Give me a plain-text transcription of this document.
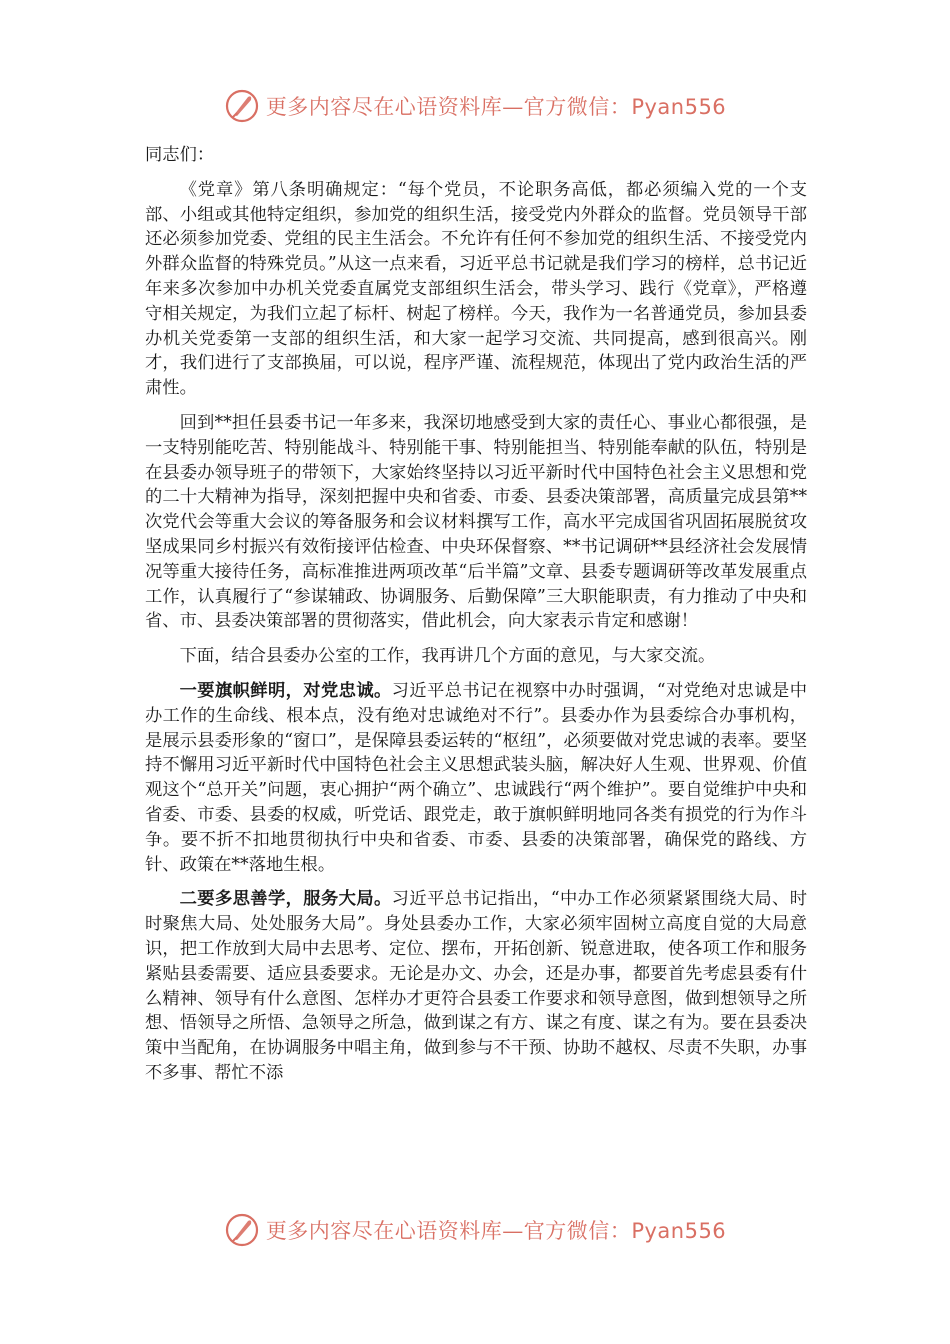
更多内容尽在心语资料库—官方微信：Pyan556

同志们：

《党章》第八条明确规定：“每个党员，不论职务高低，都必须编入党的一个支部、小组或其他特定组织，参加党的组织生活，接受党内外群众的监督。党员领导干部还必须参加党委、党组的民主生活会。不允许有任何不参加党的组织生活、不接受党内外群众监督的特殊党员。”从这一点来看，习近平总书记就是我们学习的榜样，总书记近年来多次参加中办机关党委直属党支部组织生活会，带头学习、践行《党章》，严格遵守相关规定，为我们立起了标杆、树起了榜样。今天，我作为一名普通党员，参加县委办机关党委第一支部的组织生活，和大家一起学习交流、共同提高，感到很高兴。刚才，我们进行了支部换届，可以说，程序严谨、流程规范，体现出了党内政治生活的严肃性。

回到**担任县委书记一年多来，我深切地感受到大家的责任心、事业心都很强，是一支特别能吃苦、特别能战斗、特别能干事、特别能担当、特别能奉献的队伍，特别是在县委办领导班子的带领下，大家始终坚持以习近平新时代中国特色社会主义思想和党的二十大精神为指导，深刻把握中央和省委、市委、县委决策部署，高质量完成县第**次党代会等重大会议的筹备服务和会议材料撰写工作，高水平完成国省巩固拓展脱贫攻坚成果同乡村振兴有效衔接评估检查、中央环保督察、**书记调研**县经济社会发展情况等重大接待任务，高标准推进两项改革“后半篇”文章、县委专题调研等改革发展重点工作，认真履行了“参谋辅政、协调服务、后勤保障”三大职能职责，有力推动了中央和省、市、县委决策部署的贯彻落实，借此机会，向大家表示肯定和感谢！

下面，结合县委办公室的工作，我再讲几个方面的意见，与大家交流。

一要旗帜鲜明，对党忠诚。习近平总书记在视察中办时强调，“对党绝对忠诚是中办工作的生命线、根本点，没有绝对忠诚绝对不行”。县委办作为县委综合办事机构，是展示县委形象的“窗口”，是保障县委运转的“枢纽”，必须要做对党忠诚的表率。要坚持不懈用习近平新时代中国特色社会主义思想武装头脑，解决好人生观、世界观、价值观这个“总开关”问题，衷心拥护“两个确立”、忠诚践行“两个维护”。要自觉维护中央和省委、市委、县委的权威，听党话、跟党走，敢于旗帜鲜明地同各类有损党的行为作斗争。要不折不扣地贯彻执行中央和省委、市委、县委的决策部署，确保党的路线、方针、政策在**落地生根。

二要多思善学，服务大局。习近平总书记指出，“中办工作必须紧紧围绕大局、时时聚焦大局、处处服务大局”。身处县委办工作，大家必须牢固树立高度自觉的大局意识，把工作放到大局中去思考、定位、摆布，开拓创新、锐意进取，使各项工作和服务紧贴县委需要、适应县委要求。无论是办文、办会，还是办事，都要首先考虑县委有什么精神、领导有什么意图、怎样办才更符合县委工作要求和领导意图，做到想领导之所想、悟领导之所悟、急领导之所急，做到谋之有方、谋之有度、谋之有为。要在县委决策中当配角，在协调服务中唱主角，做到参与不干预、协助不越权、尽责不失职，办事不多事、帮忙不添

更多内容尽在心语资料库—官方微信：Pyan556
